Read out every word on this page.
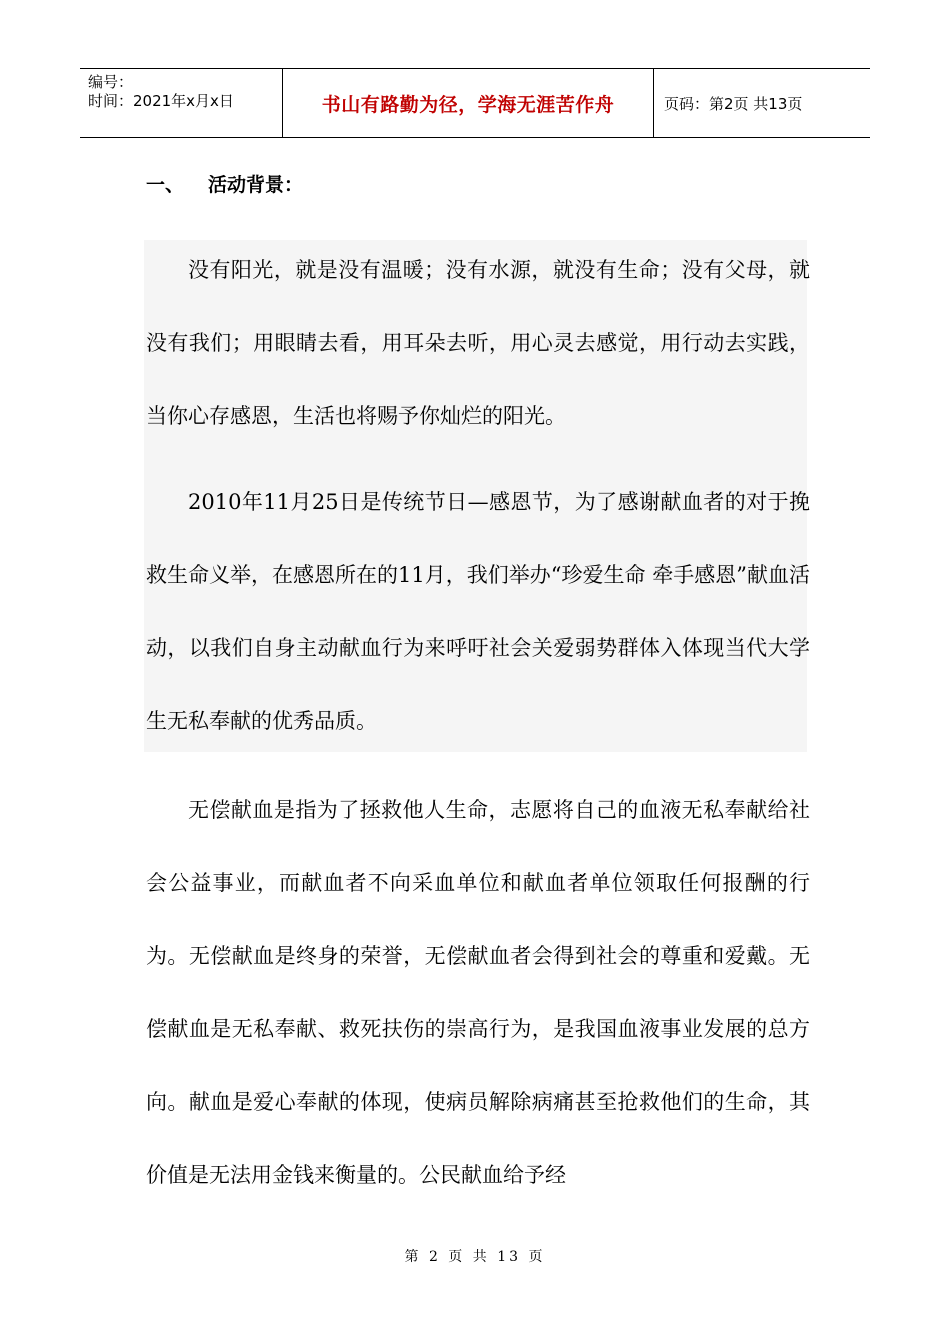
编号：
时间：2021年x月x日	书山有路勤为径，学海无涯苦作舟	页码：第2页 共13页
一、 活动背景：

没有阳光，就是没有温暖；没有水源，就没有生命；没有父母，就没有我们；用眼睛去看，用耳朵去听，用心灵去感觉，用行动去实践，当你心存感恩，生活也将赐予你灿烂的阳光。

2010年11月25日是传统节日—感恩节，为了感谢献血者的对于挽救生命义举，在感恩所在的11月，我们举办“珍爱生命 牵手感恩”献血活动，以我们自身主动献血行为来呼吁社会关爱弱势群体入体现当代大学生无私奉献的优秀品质。

无偿献血是指为了拯救他人生命，志愿将自己的血液无私奉献给社会公益事业，而献血者不向采血单位和献血者单位领取任何报酬的行为。无偿献血是终身的荣誉，无偿献血者会得到社会的尊重和爱戴。无偿献血是无私奉献、救死扶伤的崇高行为，是我国血液事业发展的总方向。献血是爱心奉献的体现，使病员解除病痛甚至抢救他们的生命，其价值是无法用金钱来衡量的。公民献血给予经

第 2 页 共 13 页
